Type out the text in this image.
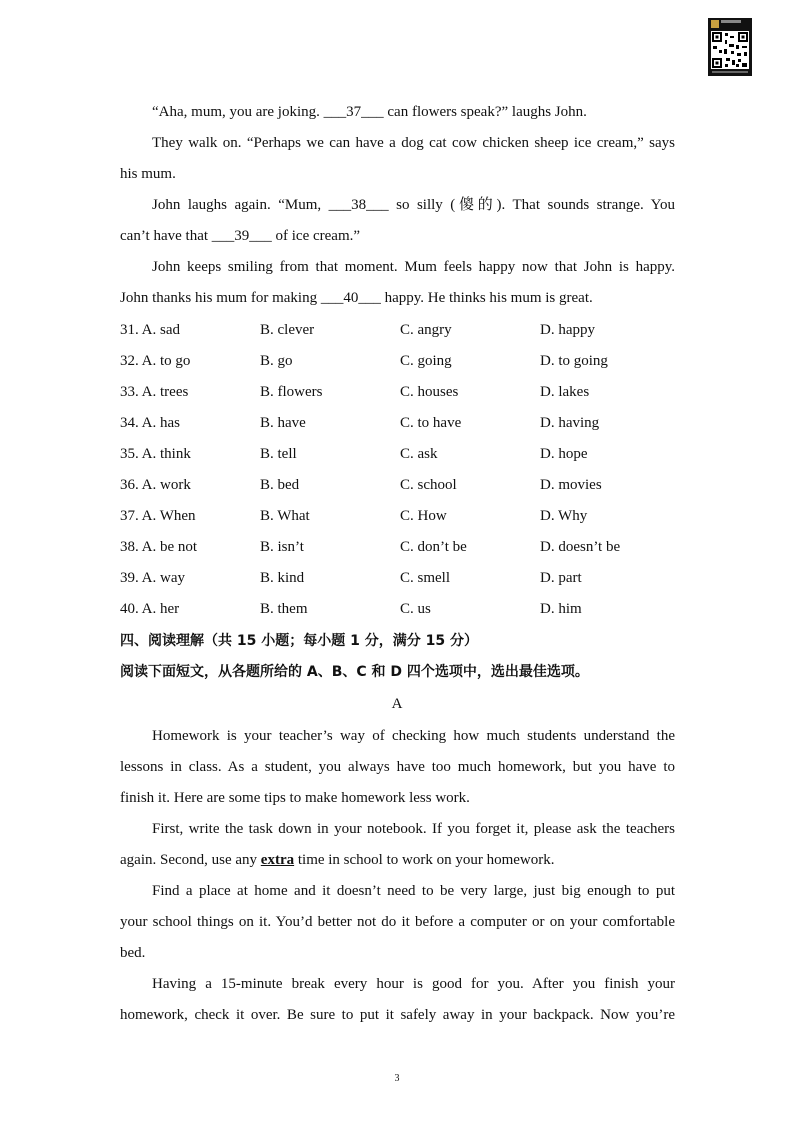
“Aha, mum, you are joking. ___37___ can flowers speak?” laughs John.
They walk on. “Perhaps we can have a dog cat cow chicken sheep ice cream,” says
his mum.
John laughs again. “Mum, ___38___ so silly (傻的). That sounds strange. You
can’t have that ___39___ of ice cream.”
John keeps smiling from that moment. Mum feels happy now that John is happy.
John thanks his mum for making ___40___ happy. He thinks his mum is great.
31. A. sad	B. clever	C. angry	D. happy
32. A. to go	B. go	C. going	D. to going
33. A. trees	B. flowers	C. houses	D. lakes
34. A. has	B. have	C. to have	D. having
35. A. think	B. tell	C. ask	D. hope
36. A. work	B. bed	C. school	D. movies
37. A. When	B. What	C. How	D. Why
38. A. be not	B. isn’t	C. don’t be	D. doesn’t be
39. A. way	B. kind	C. smell	D. part
40. A. her	B. them	C. us	D. him
四、阅读理解（共 15 小题；每小题 1 分，满分 15 分）
阅读下面短文，从各题所给的 A、B、C 和 D 四个选项中，选出最佳选项。
A
Homework is your teacher’s way of checking how much students understand the
lessons in class. As a student, you always have too much homework, but you have to
finish it. Here are some tips to make homework less work.
First, write the task down in your notebook. If you forget it, please ask the teachers
again. Second, use any extra time in school to work on your homework.
Find a place at home and it doesn’t need to be very large, just big enough to put
your school things on it. You’d better not do it before a computer or on your comfortable
bed.
Having a 15-minute break every hour is good for you. After you finish your
homework, check it over. Be sure to put it safely away in your backpack. Now you’re
3
